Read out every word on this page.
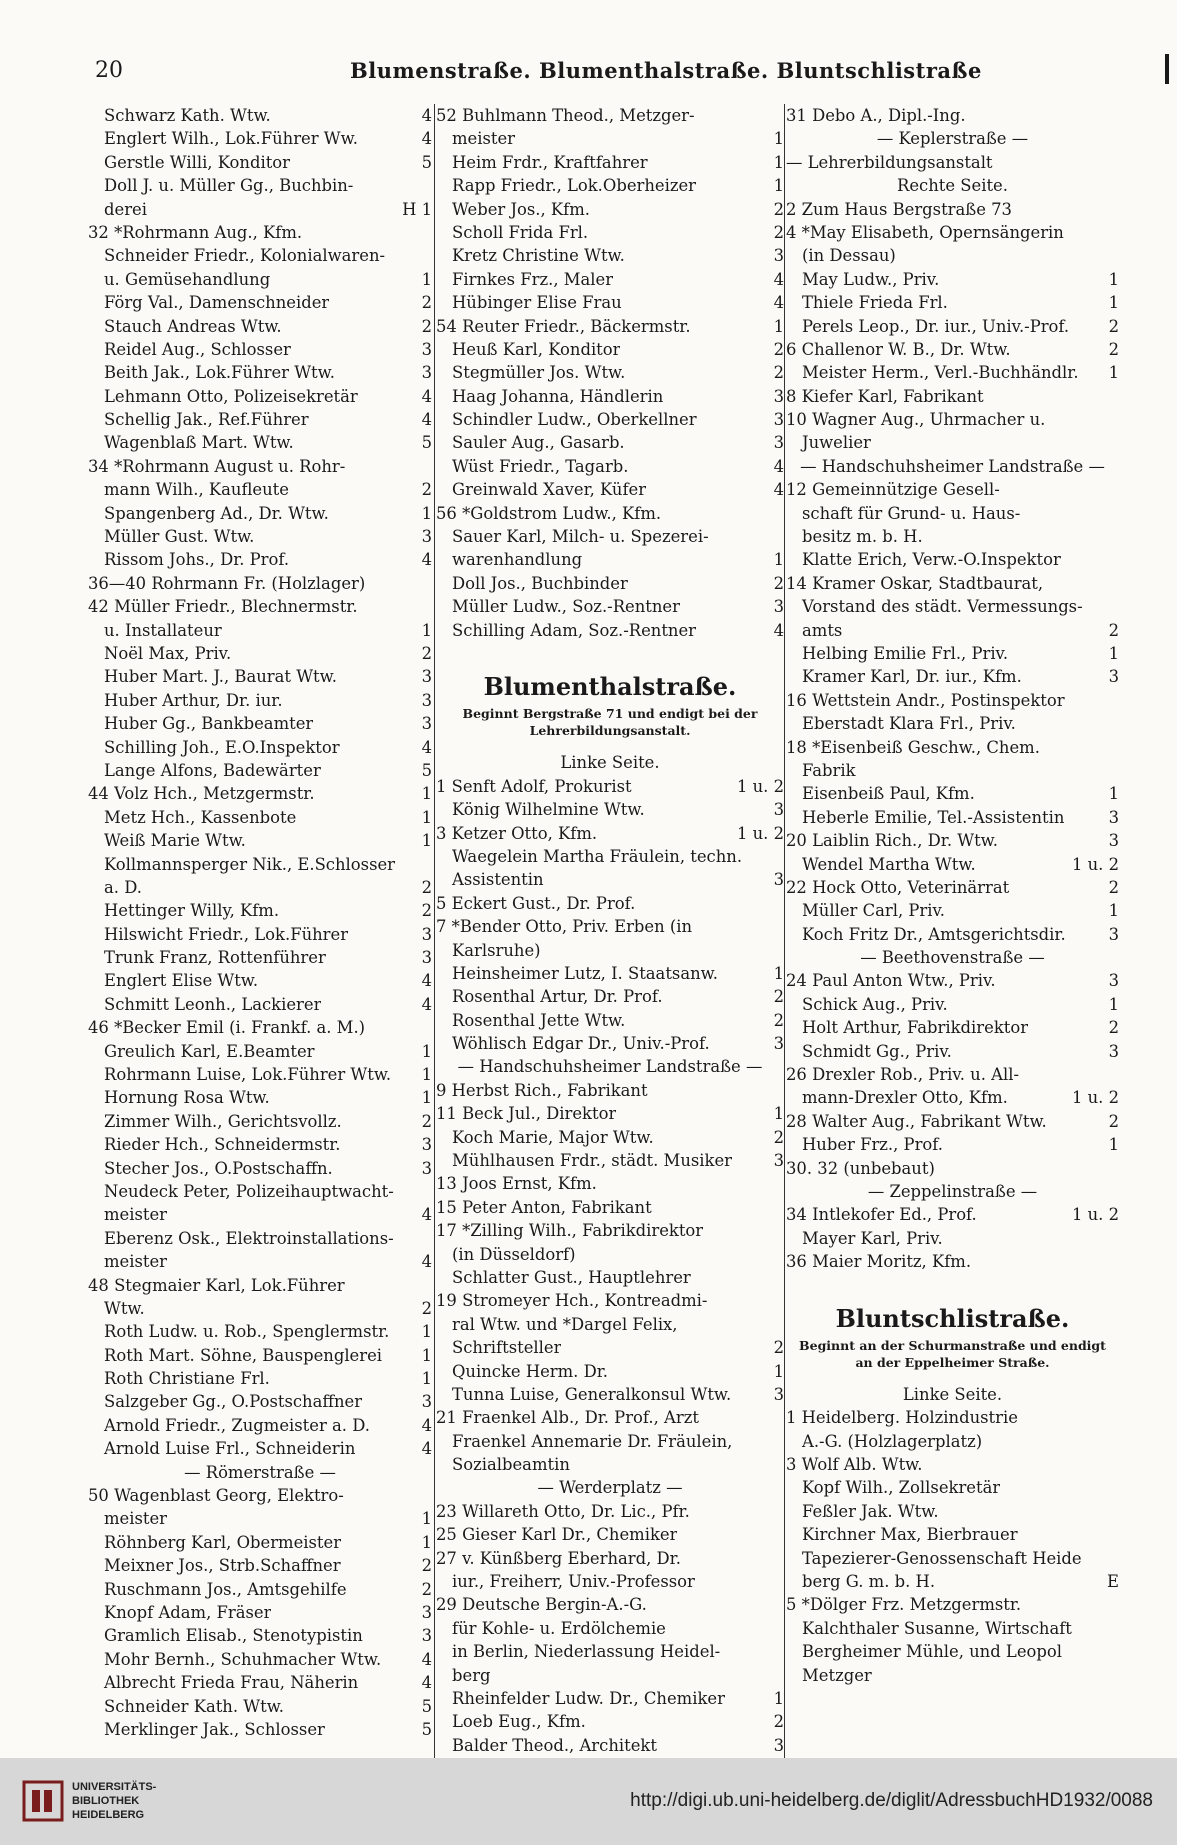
20	Blumenstraße. Blumenthalstraße. Bluntschlistraße
Schwarz Kath. Wtw.	4
Englert Wilh., Lok.Führer Ww.	4
Gerstle Willi, Konditor	5
Doll J. u. Müller Gg., Buchbin-
derei	H 1
32 *Rohrmann Aug., Kfm.
Schneider Friedr., Kolonialwaren-
u. Gemüsehandlung	1
Förg Val., Damenschneider	2
Stauch Andreas Wtw.	2
Reidel Aug., Schlosser	3
Beith Jak., Lok.Führer Wtw.	3
Lehmann Otto, Polizeisekretär	4
Schellig Jak., Ref.Führer	4
Wagenblaß Mart. Wtw.	5
34 *Rohrmann August u. Rohr-
mann Wilh., Kaufleute	2
Spangenberg Ad., Dr. Wtw.	1
Müller Gust. Wtw.	3
Rissom Johs., Dr. Prof.	4
36—40 Rohrmann Fr. (Holzlager)
42 Müller Friedr., Blechnermstr.
u. Installateur	1
Noël Max, Priv.	2
Huber Mart. J., Baurat Wtw.	3
Huber Arthur, Dr. iur.	3
Huber Gg., Bankbeamter	3
Schilling Joh., E.O.Inspektor	4
Lange Alfons, Badewärter	5
44 Volz Hch., Metzgermstr.	1
Metz Hch., Kassenbote	1
Weiß Marie Wtw.	1
Kollmannsperger Nik., E.Schlosser
a. D.	2
Hettinger Willy, Kfm.	2
Hilswicht Friedr., Lok.Führer	3
Trunk Franz, Rottenführer	3
Englert Elise Wtw.	4
Schmitt Leonh., Lackierer	4
46 *Becker Emil (i. Frankf. a. M.)
Greulich Karl, E.Beamter	1
Rohrmann Luise, Lok.Führer Wtw. 1
Hornung Rosa Wtw.	1
Zimmer Wilh., Gerichtsvollz.	2
Rieder Hch., Schneidermstr.	3
Stecher Jos., O.Postschaffn.	3
Neudeck Peter, Polizeihauptwacht-
meister	4
Eberenz Osk., Elektroinstallations-
meister	4
48 Stegmaier Karl, Lok.Führer
Wtw.	2
Roth Ludw. u. Rob., Spenglermstr. 1
Roth Mart. Söhne, Bauspenglerei 1
Roth Christiane Frl.	1
Salzgeber Gg., O.Postschaffner	3
Arnold Friedr., Zugmeister a. D.	4
Arnold Luise Frl., Schneiderin	4
— Römerstraße —
50 Wagenblast Georg, Elektro-
meister	1
Röhnberg Karl, Obermeister	1
Meixner Jos., Strb.Schaffner	2
Ruschmann Jos., Amtsgehilfe	2
Knopf Adam, Fräser	3
Gramlich Elisab., Stenotypistin	3
Mohr Bernh., Schuhmacher Wtw. 4
Albrecht Frieda Frau, Näherin	4
Schneider Kath. Wtw.	5
Merklinger Jak., Schlosser	5
52 Buhlmann Theod., Metzger-
meister	1
Heim Frdr., Kraftfahrer	1
Rapp Friedr., Lok.Oberheizer	1
Weber Jos., Kfm.	2
Scholl Frida Frl.	2
Kretz Christine Wtw.	3
Firnkes Frz., Maler	4
Hübinger Elise Frau	4
54 Reuter Friedr., Bäckermstr.	1
Heuß Karl, Konditor	2
Stegmüller Jos. Wtw.	2
Haag Johanna, Händlerin	3
Schindler Ludw., Oberkellner	3
Sauler Aug., Gasarb.	3
Wüst Friedr., Tagarb.	4
Greinwald Xaver, Küfer	4
56 *Goldstrom Ludw., Kfm.
Sauer Karl, Milch- u. Spezerei-
warenhandlung	1
Doll Jos., Buchbinder	2
Müller Ludw., Soz.-Rentner	3
Schilling Adam, Soz.-Rentner	4
Blumenthalstraße.
Beginnt Bergstraße 71 und endigt bei der Lehrerbildungsanstalt.
Linke Seite.
1 Senft Adolf, Prokurist	1 u. 2
König Wilhelmine Wtw.	3
3 Ketzer Otto, Kfm.	1 u. 2
Waegelein Martha Fräulein, techn.
Assistentin	3
5 Eckert Gust., Dr. Prof.
7 *Bender Otto, Priv. Erben (in
Karlsruhe)
Heinsheimer Lutz, I. Staatsanw.	1
Rosenthal Artur, Dr. Prof.	2
Rosenthal Jette Wtw.	2
Wöhlisch Edgar Dr., Univ.-Prof.	3
— Handschuhsheimer Landstraße —
9 Herbst Rich., Fabrikant
11 Beck Jul., Direktor	1
Koch Marie, Major Wtw.	2
Mühlhausen Frdr., städt. Musiker	3
13 Joos Ernst, Kfm.
15 Peter Anton, Fabrikant
17 *Zilling Wilh., Fabrikdirektor
(in Düsseldorf)
Schlatter Gust., Hauptlehrer
19 Stromeyer Hch., Kontreadmi-
ral Wtw. und *Dargel Felix,
Schriftsteller	2
Quincke Herm. Dr.	1
Tunna Luise, Generalkonsul Wtw.	3
21 Fraenkel Alb., Dr. Prof., Arzt
Fraenkel Annemarie Dr. Fräulein,
Sozialbeamtin
— Werderplatz —
23 Willareth Otto, Dr. Lic., Pfr.
25 Gieser Karl Dr., Chemiker
27 v. Künßberg Eberhard, Dr.
iur., Freiherr, Univ.-Professor
29 Deutsche Bergin-A.-G.
für Kohle- u. Erdölchemie
in Berlin, Niederlassung Heidel-
berg
Rheinfelder Ludw. Dr., Chemiker	1
Loeb Eug., Kfm.	2
Balder Theod., Architekt	3
31 Debo A., Dipl.-Ing.
— Keplerstraße —
— Lehrerbildungsanstalt
Rechte Seite.
2 Zum Haus Bergstraße 73
4 *May Elisabeth, Opernsängerin
(in Dessau)
May Ludw., Priv.	1
Thiele Frieda Frl.	1
Perels Leop., Dr. iur., Univ.-Prof. 2
6 Challenor W. B., Dr. Wtw.	2
Meister Herm., Verl.-Buchhändlr. 1
8 Kiefer Karl, Fabrikant
10 Wagner Aug., Uhrmacher u.
Juwelier
— Handschuhsheimer Landstraße —
12 Gemeinnützige Gesell-
schaft für Grund- u. Haus-
besitz m. b. H.
Klatte Erich, Verw.-O.Inspektor
14 Kramer Oskar, Stadtbaurat,
Vorstand des städt. Vermessungs-
amts	2
Helbing Emilie Frl., Priv.	1
Kramer Karl, Dr. iur., Kfm.	3
16 Wettstein Andr., Postinspektor
Eberstadt Klara Frl., Priv.
18 *Eisenbeiß Geschw., Chem.
Fabrik
Eisenbeiß Paul, Kfm.	1
Heberle Emilie, Tel.-Assistentin	3
20 Laiblin Rich., Dr. Wtw.	3
Wendel Martha Wtw.	1 u. 2
22 Hock Otto, Veterinärrat	2
Müller Carl, Priv.	1
Koch Fritz Dr., Amtsgerichtsdir.	3
— Beethovenstraße —
24 Paul Anton Wtw., Priv.	3
Schick Aug., Priv.	1
Holt Arthur, Fabrikdirektor	2
Schmidt Gg., Priv.	3
26 Drexler Rob., Priv. u. All-
mann-Drexler Otto, Kfm.	1 u. 2
28 Walter Aug., Fabrikant Wtw.	2
Huber Frz., Prof.	1
30. 32 (unbebaut)
— Zeppelinstraße —
34 Intlekofer Ed., Prof.	1 u. 2
Mayer Karl, Priv.
36 Maier Moritz, Kfm.
Bluntschlistraße.
Beginnt an der Schurmanstraße und endigt an der Eppelheimer Straße.
Linke Seite.
1 Heidelberg. Holzindustrie
A.-G. (Holzlagerplatz)
3 Wolf Alb. Wtw.
Kopf Wilh., Zollsekretär
Feßler Jak. Wtw.
Kirchner Max, Bierbrauer
Tapezierer-Genossenschaft Heide
berg G. m. b. H.	E
5 *Dölger Frz. Metzgermstr.
Kalchthaler Susanne, Wirtschaft
Bergheimer Mühle, und Leopol
Metzger
UNIVERSITÄTS-
BIBLIOTHEK
HEIDELBERG
http://digi.ub.uni-heidelberg.de/diglit/AdressbuchHD1932/0088
